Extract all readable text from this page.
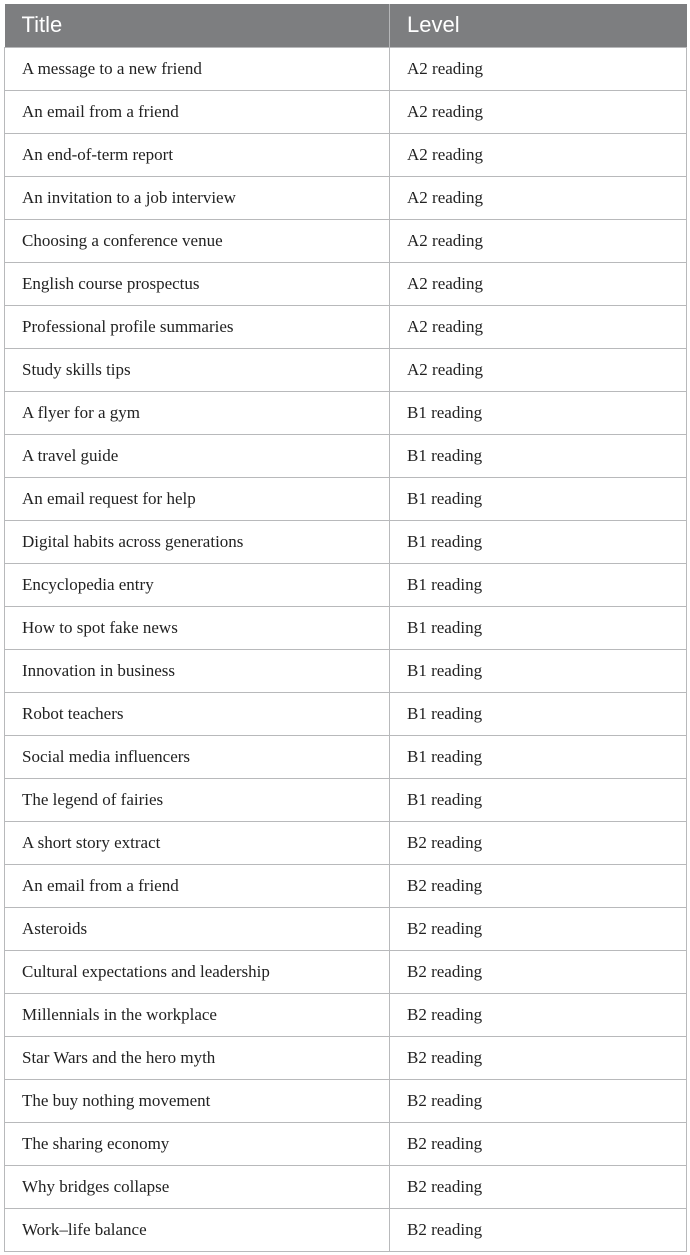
Title	Level
A message to a new friend	A2 reading
An email from a friend	A2 reading
An end-of-term report	A2 reading
An invitation to a job interview	A2 reading
Choosing a conference venue	A2 reading
English course prospectus	A2 reading
Professional profile summaries	A2 reading
Study skills tips	A2 reading
A flyer for a gym	B1 reading
A travel guide	B1 reading
An email request for help	B1 reading
Digital habits across generations	B1 reading
Encyclopedia entry	B1 reading
How to spot fake news	B1 reading
Innovation in business	B1 reading
Robot teachers	B1 reading
Social media influencers	B1 reading
The legend of fairies	B1 reading
A short story extract	B2 reading
An email from a friend	B2 reading
Asteroids	B2 reading
Cultural expectations and leadership	B2 reading
Millennials in the workplace	B2 reading
Star Wars and the hero myth	B2 reading
The buy nothing movement	B2 reading
The sharing economy	B2 reading
Why bridges collapse	B2 reading
Work–life balance	B2 reading
